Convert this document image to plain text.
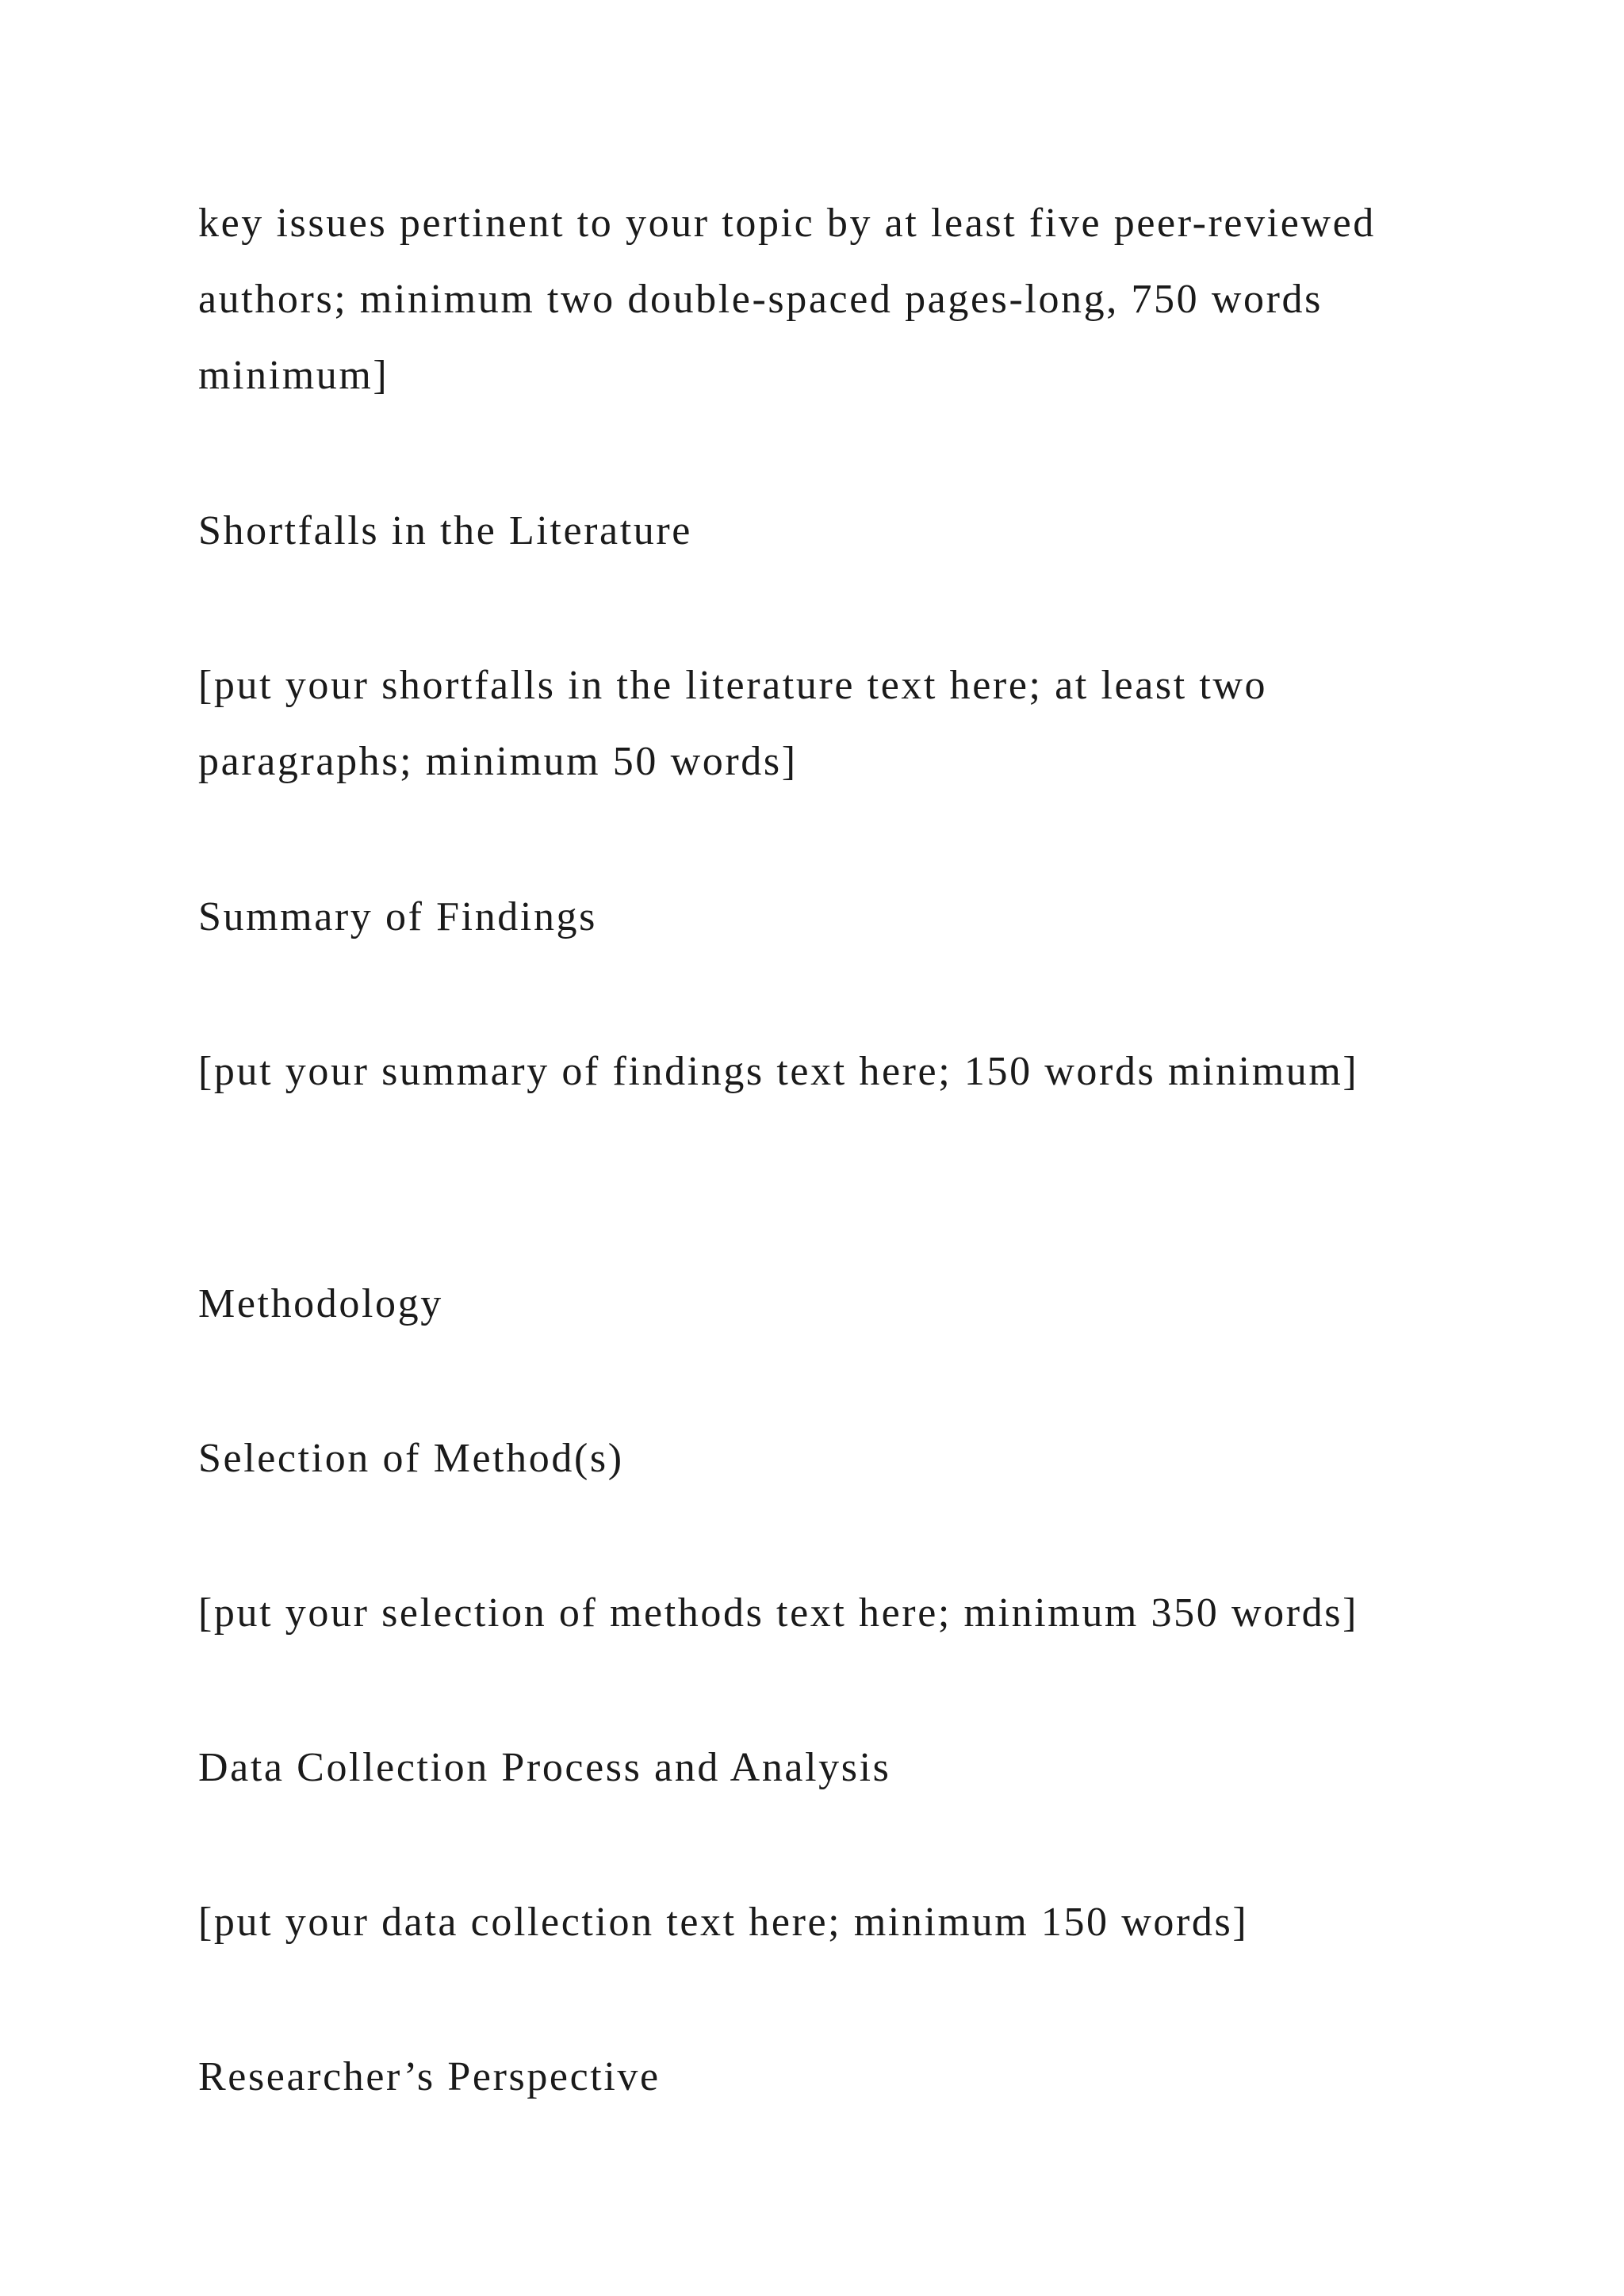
key issues pertinent to your topic by at least five peer-reviewed

authors; minimum two double-spaced pages-long, 750 words

minimum]

Shortfalls in the Literature

[put your shortfalls in the literature text here; at least two

paragraphs; minimum 50 words]

Summary of Findings

[put your summary of findings text here; 150 words minimum]

Methodology

Selection of Method(s)

[put your selection of methods text here; minimum 350 words]

Data Collection Process and Analysis

[put your data collection text here; minimum 150 words]

Researcher’s Perspective
